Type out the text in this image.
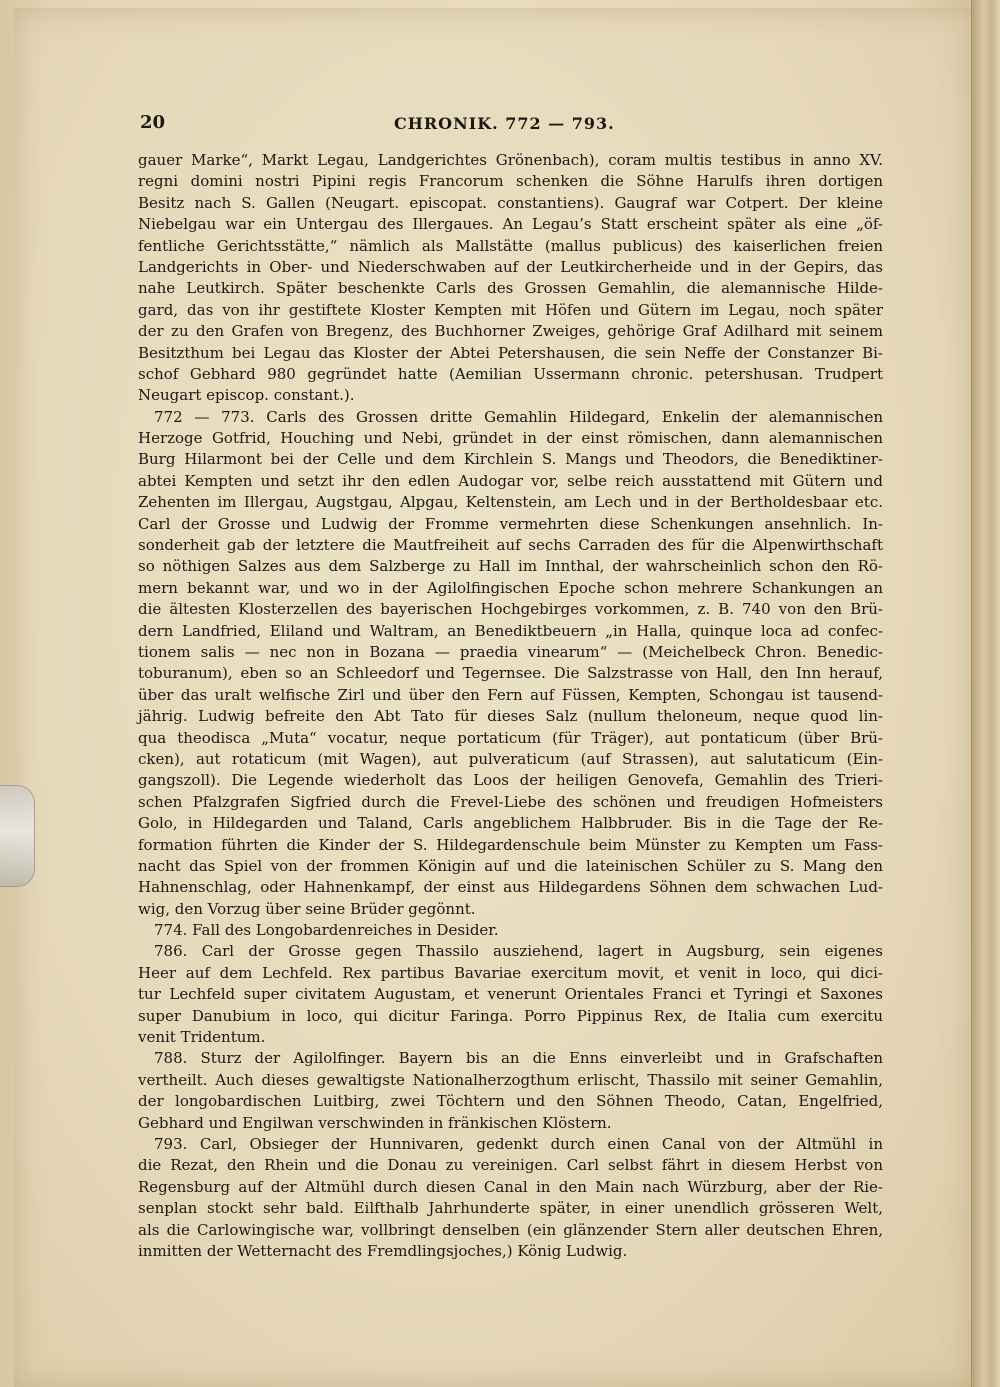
20	CHRONIK. 772 — 793.
gauer Marke“, Markt Legau, Landgerichtes Grönenbach), coram multis testibus in anno XV.
regni domini nostri Pipini regis Francorum schenken die Söhne Harulfs ihren dortigen
Besitz nach S. Gallen (Neugart. episcopat. constantiens). Gaugraf war Cotpert. Der kleine
Niebelgau war ein Untergau des Illergaues. An Legau’s Statt erscheint später als eine „öf-
fentliche Gerichtsstätte,“ nämlich als Mallstätte (mallus publicus) des kaiserlichen freien
Landgerichts in Ober- und Niederschwaben auf der Leutkircherheide und in der Gepirs, das
nahe Leutkirch. Später beschenkte Carls des Grossen Gemahlin, die alemannische Hilde-
gard, das von ihr gestiftete Kloster Kempten mit Höfen und Gütern im Legau, noch später
der zu den Grafen von Bregenz, des Buchhorner Zweiges, gehörige Graf Adilhard mit seinem
Besitzthum bei Legau das Kloster der Abtei Petershausen, die sein Neffe der Constanzer Bi-
schof Gebhard 980 gegründet hatte (Aemilian Ussermann chronic. petershusan. Trudpert
Neugart episcop. constant.).
772 — 773. Carls des Grossen dritte Gemahlin Hildegard, Enkelin der alemannischen
Herzoge Gotfrid, Houching und Nebi, gründet in der einst römischen, dann alemannischen
Burg Hilarmont bei der Celle und dem Kirchlein S. Mangs und Theodors, die Benediktiner-
abtei Kempten und setzt ihr den edlen Audogar vor, selbe reich ausstattend mit Gütern und
Zehenten im Illergau, Augstgau, Alpgau, Keltenstein, am Lech und in der Bertholdesbaar etc.
Carl der Grosse und Ludwig der Fromme vermehrten diese Schenkungen ansehnlich. In-
sonderheit gab der letztere die Mautfreiheit auf sechs Carraden des für die Alpenwirthschaft
so nöthigen Salzes aus dem Salzberge zu Hall im Innthal, der wahrscheinlich schon den Rö-
mern bekannt war, und wo in der Agilolfingischen Epoche schon mehrere Schankungen an
die ältesten Klosterzellen des bayerischen Hochgebirges vorkommen, z. B. 740 von den Brü-
dern Landfried, Eliland und Waltram, an Benediktbeuern „in Halla, quinque loca ad confec-
tionem salis — nec non in Bozana — praedia vinearum“ — (Meichelbeck Chron. Benedic-
toburanum), eben so an Schleedorf und Tegernsee. Die Salzstrasse von Hall, den Inn herauf,
über das uralt welfische Zirl und über den Fern auf Füssen, Kempten, Schongau ist tausend-
jährig. Ludwig befreite den Abt Tato für dieses Salz (nullum theloneum, neque quod lin-
qua theodisca „Muta“ vocatur, neque portaticum (für Träger), aut pontaticum (über Brü-
cken), aut rotaticum (mit Wagen), aut pulveraticum (auf Strassen), aut salutaticum (Ein-
gangszoll). Die Legende wiederholt das Loos der heiligen Genovefa, Gemahlin des Trieri-
schen Pfalzgrafen Sigfried durch die Frevel-Liebe des schönen und freudigen Hofmeisters
Golo, in Hildegarden und Taland, Carls angeblichem Halbbruder. Bis in die Tage der Re-
formation führten die Kinder der S. Hildegardenschule beim Münster zu Kempten um Fass-
nacht das Spiel von der frommen Königin auf und die lateinischen Schüler zu S. Mang den
Hahnenschlag, oder Hahnenkampf, der einst aus Hildegardens Söhnen dem schwachen Lud-
wig, den Vorzug über seine Brüder gegönnt.
774. Fall des Longobardenreiches in Desider.
786. Carl der Grosse gegen Thassilo ausziehend, lagert in Augsburg, sein eigenes
Heer auf dem Lechfeld. Rex partibus Bavariae exercitum movit, et venit in loco, qui dici-
tur Lechfeld super civitatem Augustam, et venerunt Orientales Franci et Tyringi et Saxones
super Danubium in loco, qui dicitur Faringa. Porro Pippinus Rex, de Italia cum exercitu
venit Tridentum.
788. Sturz der Agilolfinger. Bayern bis an die Enns einverleibt und in Grafschaften
vertheilt. Auch dieses gewaltigste Nationalherzogthum erlischt, Thassilo mit seiner Gemahlin,
der longobardischen Luitbirg, zwei Töchtern und den Söhnen Theodo, Catan, Engelfried,
Gebhard und Engilwan verschwinden in fränkischen Klöstern.
793. Carl, Obsieger der Hunnivaren, gedenkt durch einen Canal von der Altmühl in
die Rezat, den Rhein und die Donau zu vereinigen. Carl selbst fährt in diesem Herbst von
Regensburg auf der Altmühl durch diesen Canal in den Main nach Würzburg, aber der Rie-
senplan stockt sehr bald. Eilfthalb Jahrhunderte später, in einer unendlich grösseren Welt,
als die Carlowingische war, vollbringt denselben (ein glänzender Stern aller deutschen Ehren,
inmitten der Wetternacht des Fremdlingsjoches,) König Ludwig.
